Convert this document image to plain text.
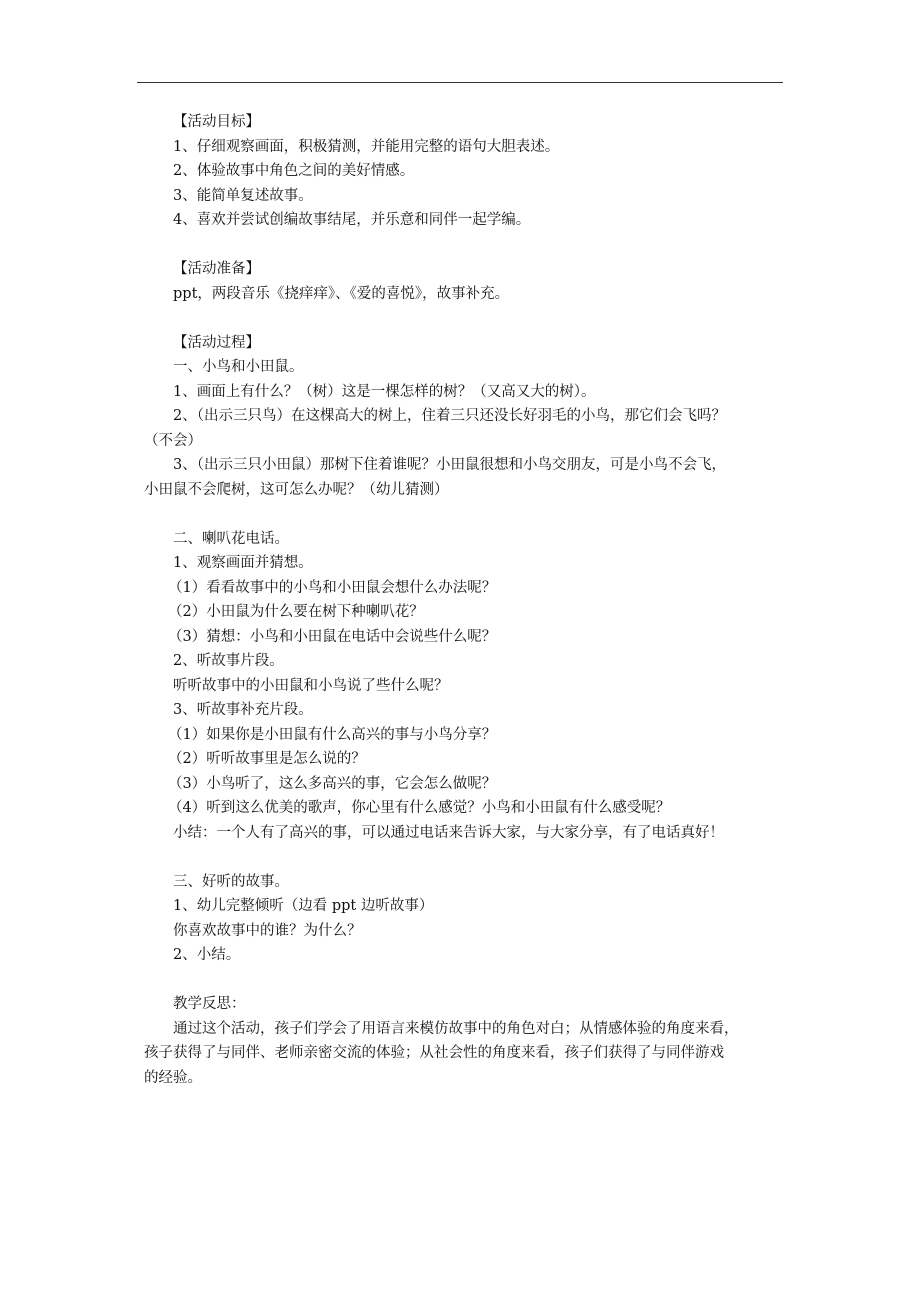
【活动目标】
1、仔细观察画面，积极猜测，并能用完整的语句大胆表述。
2、体验故事中角色之间的美好情感。
3、能简单复述故事。
4、喜欢并尝试创编故事结尾，并乐意和同伴一起学编。
【活动准备】
ppt，两段音乐《挠痒痒》、《爱的喜悦》，故事补充。
【活动过程】
一、小鸟和小田鼠。
1、画面上有什么？（树）这是一棵怎样的树？（又高又大的树）。
2、（出示三只鸟）在这棵高大的树上，住着三只还没长好羽毛的小鸟，那它们会飞吗？
（不会）
3、（出示三只小田鼠）那树下住着谁呢？小田鼠很想和小鸟交朋友，可是小鸟不会飞，
小田鼠不会爬树，这可怎么办呢？（幼儿猜测）
二、喇叭花电话。
1、观察画面并猜想。
（1）看看故事中的小鸟和小田鼠会想什么办法呢？
（2）小田鼠为什么要在树下种喇叭花？
（3）猜想：小鸟和小田鼠在电话中会说些什么呢？
2、听故事片段。
听听故事中的小田鼠和小鸟说了些什么呢？
3、听故事补充片段。
（1）如果你是小田鼠有什么高兴的事与小鸟分享？
（2）听听故事里是怎么说的？
（3）小鸟听了，这么多高兴的事，它会怎么做呢？
（4）听到这么优美的歌声，你心里有什么感觉？小鸟和小田鼠有什么感受呢？
小结：一个人有了高兴的事，可以通过电话来告诉大家，与大家分享，有了电话真好！
三、好听的故事。
1、幼儿完整倾听（边看 ppt 边听故事）
你喜欢故事中的谁？为什么？
2、小结。
教学反思：
通过这个活动，孩子们学会了用语言来模仿故事中的角色对白；从情感体验的角度来看，
孩子获得了与同伴、老师亲密交流的体验；从社会性的角度来看，孩子们获得了与同伴游戏
的经验。
